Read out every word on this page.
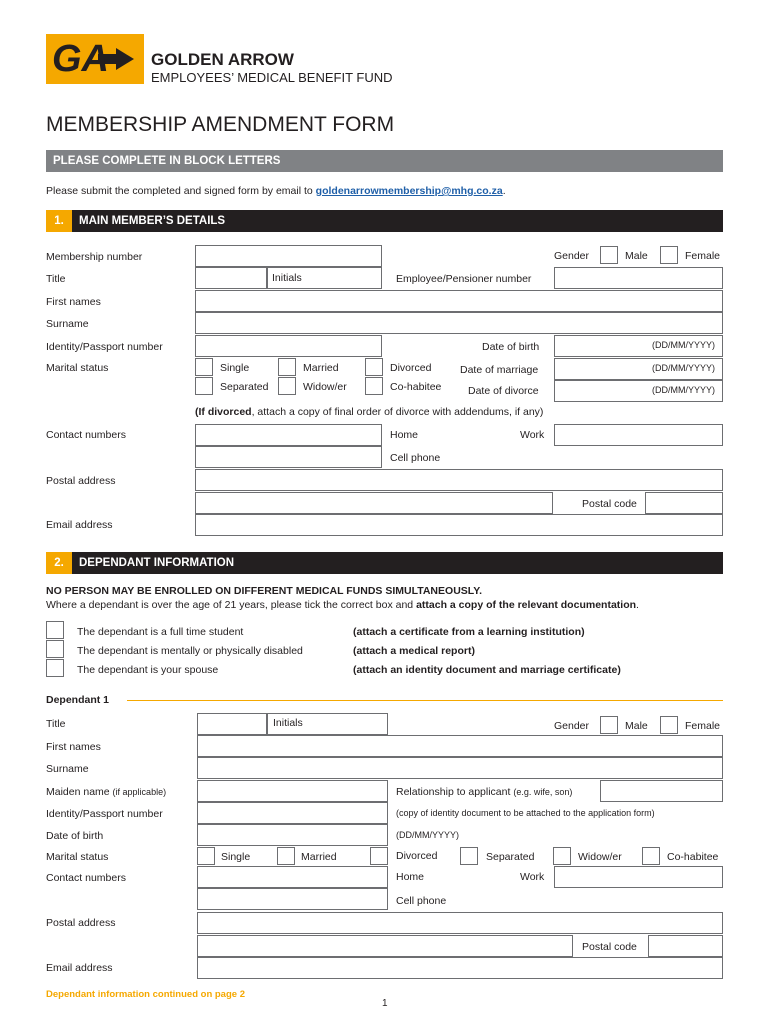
GA GOLDEN ARROW
EMPLOYEES’ MEDICAL BENEFIT FUND
MEMBERSHIP AMENDMENT FORM
PLEASE COMPLETE IN BLOCK LETTERS
Please submit the completed and signed form by email to goldenarrowmembership@mhg.co.za.
1.	MAIN MEMBER’S DETAILS
Membership number	Gender	Male	Female
Title	Initials	Employee/Pensioner number
First names
Surname
Identity/Passport number	Date of birth	(DD/MM/YYYY)
Marital status	Single	Married	Divorced	Date of marriage	(DD/MM/YYYY)
Separated	Widow/er	Co-habitee	Date of divorce	(DD/MM/YYYY)
(If divorced, attach a copy of final order of divorce with addendums, if any)
Contact numbers	Home	Work
Cell phone
Postal address
Postal code
Email address
2.	DEPENDANT INFORMATION
NO PERSON MAY BE ENROLLED ON DIFFERENT MEDICAL FUNDS SIMULTANEOUSLY.
Where a dependant is over the age of 21 years, please tick the correct box and attach a copy of the relevant documentation.
The dependant is a full time student	(attach a certificate from a learning institution)
The dependant is mentally or physically disabled	(attach a medical report)
The dependant is your spouse	(attach an identity document and marriage certificate)
Dependant 1
Title	Initials	Gender	Male	Female
First names
Surname
Maiden name (if applicable)	Relationship to applicant (e.g. wife, son)
Identity/Passport number	(copy of identity document to be attached to the application form)
Date of birth	(DD/MM/YYYY)
Marital status	Single	Married	Divorced	Separated	Widow/er	Co-habitee
Contact numbers	Home	Work
Cell phone
Postal address
Postal code
Email address
Dependant information continued on page 2
1
